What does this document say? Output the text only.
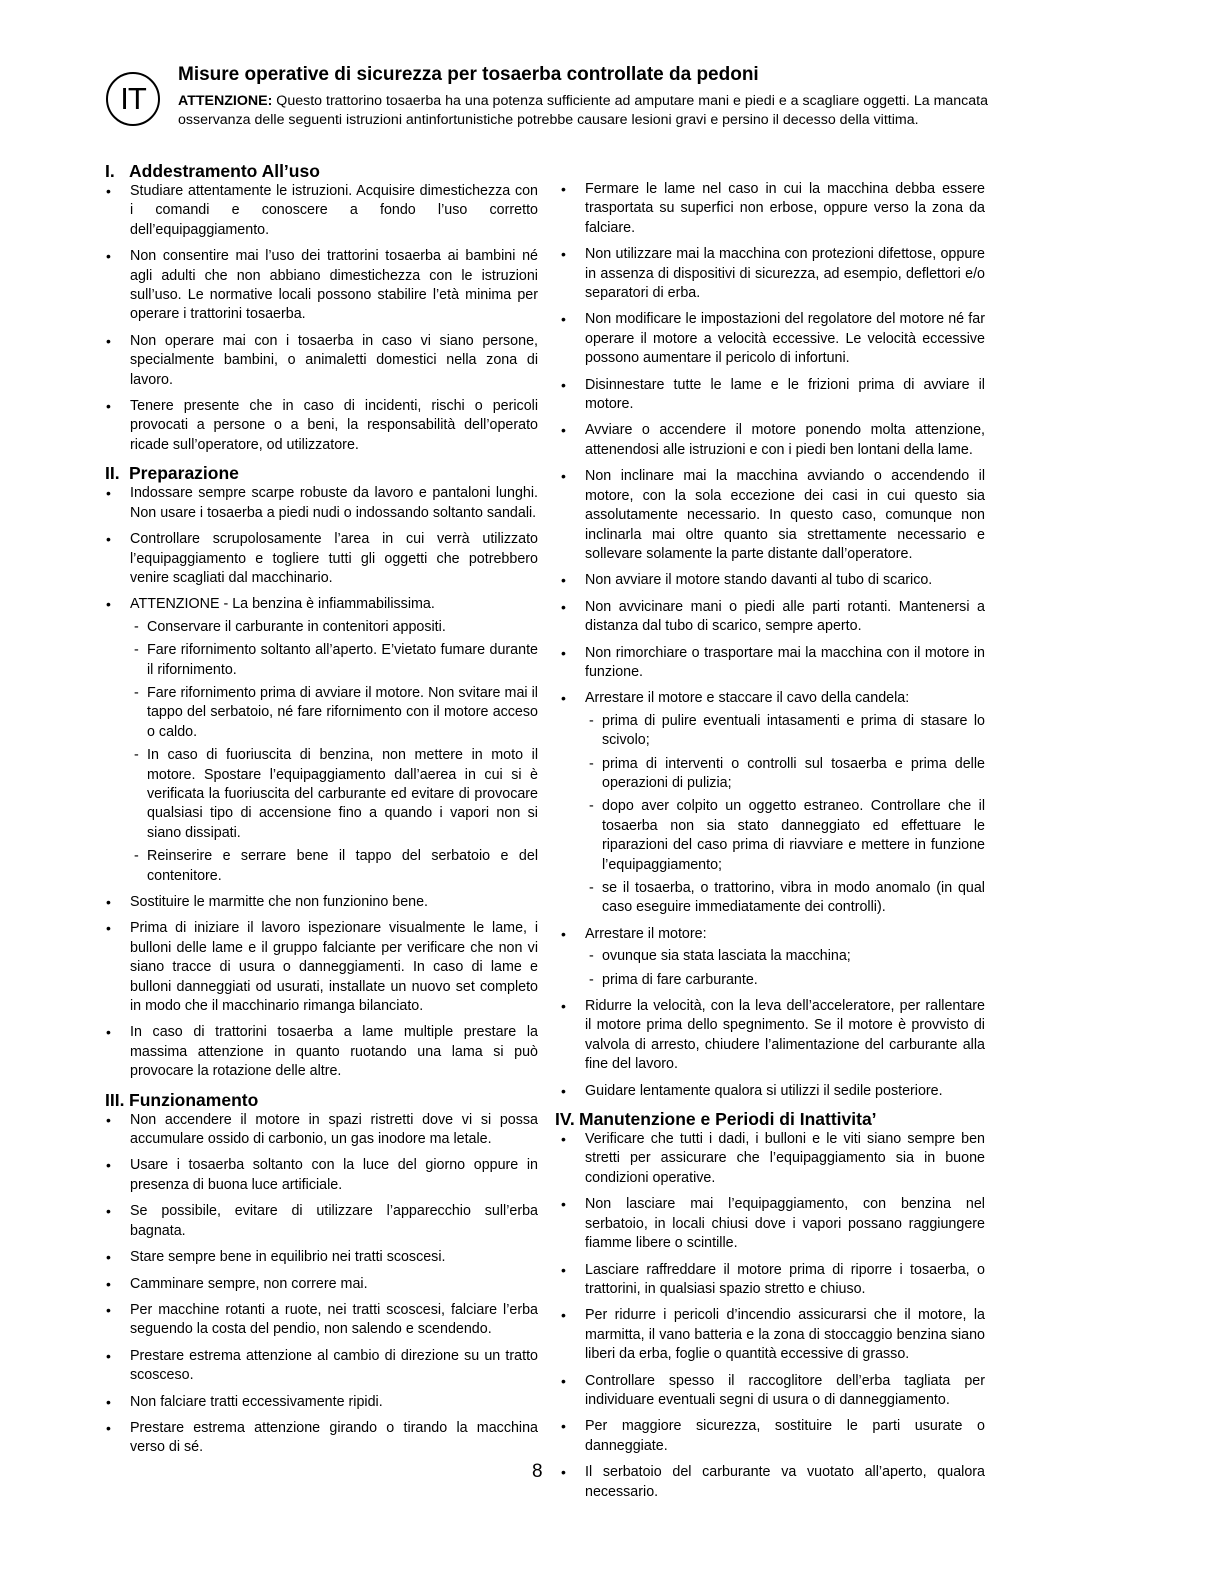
IT
Misure operative di sicurezza per tosaerba controllate da pedoni
ATTENZIONE: Questo trattorino tosaerba ha una potenza sufficiente ad amputare mani e piedi e a scagliare oggetti. La mancata osservanza delle seguenti istruzioni antinfortunistiche potrebbe causare lesioni gravi e persino il decesso della vittima.
I. Addestramento All’uso
• Studiare attentamente le istruzioni. Acquisire dimestichezza con i comandi e conoscere a fondo l’uso corretto dell’equipaggiamento.
• Non consentire mai l’uso dei trattorini tosaerba ai bambini né agli adulti che non abbiano dimestichezza con le istruzioni sull’uso. Le normative locali possono stabilire l’età minima per operare i trattorini tosaerba.
• Non operare mai con i tosaerba in caso vi siano persone, specialmente bambini, o animaletti domestici nella zona di lavoro.
• Tenere presente che in caso di incidenti, rischi o pericoli provocati a persone o a beni, la responsabilità dell’operato ricade sull’operatore, od utilizzatore.
II. Preparazione
• Indossare sempre scarpe robuste da lavoro e pantaloni lunghi. Non usare i tosaerba a piedi nudi o indossando soltanto sandali.
• Controllare scrupolosamente l’area in cui verrà utilizzato l’equipaggiamento e togliere tutti gli oggetti che potrebbero venire scagliati dal macchinario.
• ATTENZIONE - La benzina è infiammabilissima.
- Conservare il carburante in contenitori appositi.
- Fare rifornimento soltanto all’aperto. E’vietato fumare durante il rifornimento.
- Fare rifornimento prima di avviare il motore. Non svitare mai il tappo del serbatoio, né fare rifornimento con il motore acceso o caldo.
- In caso di fuoriuscita di benzina, non mettere in moto il motore. Spostare l’equipaggiamento dall’aerea in cui si è verificata la fuoriuscita del carburante ed evitare di provocare qualsiasi tipo di accensione fino a quando i vapori non si siano dissipati.
- Reinserire e serrare bene il tappo del serbatoio e del contenitore.
• Sostituire le marmitte che non funzionino bene.
• Prima di iniziare il lavoro ispezionare visualmente le lame, i bulloni delle lame e il gruppo falciante per verificare che non vi siano tracce di usura o danneggiamenti. In caso di lame e bulloni danneggiati od usurati, installate un nuovo set completo in modo che il macchinario rimanga bilanciato.
• In caso di trattorini tosaerba a lame multiple prestare la massima attenzione in quanto ruotando una lama si può provocare la rotazione delle altre.
III. Funzionamento
• Non accendere il motore in spazi ristretti dove vi si possa accumulare ossido di carbonio, un gas inodore ma letale.
• Usare i tosaerba soltanto con la luce del giorno oppure in presenza di buona luce artificiale.
• Se possibile, evitare di utilizzare l’apparecchio sull’erba bagnata.
• Stare sempre bene in equilibrio nei tratti scoscesi.
• Camminare sempre, non correre mai.
• Per macchine rotanti a ruote, nei tratti scoscesi, falciare l’erba seguendo la costa del pendio, non salendo e scendendo.
• Prestare estrema attenzione al cambio di direzione su un tratto scosceso.
• Non falciare tratti eccessivamente ripidi.
• Prestare estrema attenzione girando o tirando la macchina verso di sé.
• Fermare le lame nel caso in cui la macchina debba essere trasportata su superfici non erbose, oppure verso la zona da falciare.
• Non utilizzare mai la macchina con protezioni difettose, oppure in assenza di dispositivi di sicurezza, ad esempio, deflettori e/o separatori di erba.
• Non modificare le impostazioni del regolatore del motore né far operare il motore a velocità eccessive. Le velocità eccessive possono aumentare il pericolo di infortuni.
• Disinnestare tutte le lame e le frizioni prima di avviare il motore.
• Avviare o accendere il motore ponendo molta attenzione, attenendosi alle istruzioni e con i piedi ben lontani della lame.
• Non inclinare mai la macchina avviando o accendendo il motore, con la sola eccezione dei casi in cui questo sia assolutamente necessario. In questo caso, comunque non inclinarla mai oltre quanto sia strettamente necessario e sollevare solamente la parte distante dall’operatore.
• Non avviare il motore stando davanti al tubo di scarico.
• Non avvicinare mani o piedi alle parti rotanti. Mantenersi a distanza dal tubo di scarico, sempre aperto.
• Non rimorchiare o trasportare mai la macchina con il motore in funzione.
• Arrestare il motore e staccare il cavo della candela:
- prima di pulire eventuali intasamenti e prima di stasare lo scivolo;
- prima di interventi o controlli sul tosaerba e prima delle operazioni di pulizia;
- dopo aver colpito un oggetto estraneo. Controllare che il tosaerba non sia stato danneggiato ed effettuare le riparazioni del caso prima di riavviare e mettere in funzione l’equipaggiamento;
- se il tosaerba, o trattorino, vibra in modo anomalo (in qual caso eseguire immediatamente dei controlli).
• Arrestare il motore:
- ovunque sia stata lasciata la macchina;
- prima di fare carburante.
• Ridurre la velocità, con la leva dell’acceleratore, per rallentare il motore prima dello spegnimento. Se il motore è provvisto di valvola di arresto, chiudere l’alimentazione del carburante alla fine del lavoro.
• Guidare lentamente qualora si utilizzi il sedile posteriore.
IV. Manutenzione e Periodi di Inattivita’
• Verificare che tutti i dadi, i bulloni e le viti siano sempre ben stretti per assicurare che l’equipaggiamento sia in buone condizioni operative.
• Non lasciare mai l’equipaggiamento, con benzina nel serbatoio, in locali chiusi dove i vapori possano raggiungere fiamme libere o scintille.
• Lasciare raffreddare il motore prima di riporre i tosaerba, o trattorini, in qualsiasi spazio stretto e chiuso.
• Per ridurre i pericoli d’incendio assicurarsi che il motore, la marmitta, il vano batteria e la zona di stoccaggio benzina siano liberi da erba, foglie o quantità eccessive di grasso.
• Controllare spesso il raccoglitore dell’erba tagliata per individuare eventuali segni di usura o di danneggiamento.
• Per maggiore sicurezza, sostituire le parti usurate o danneggiate.
• Il serbatoio del carburante va vuotato all’aperto, qualora necessario.
8
